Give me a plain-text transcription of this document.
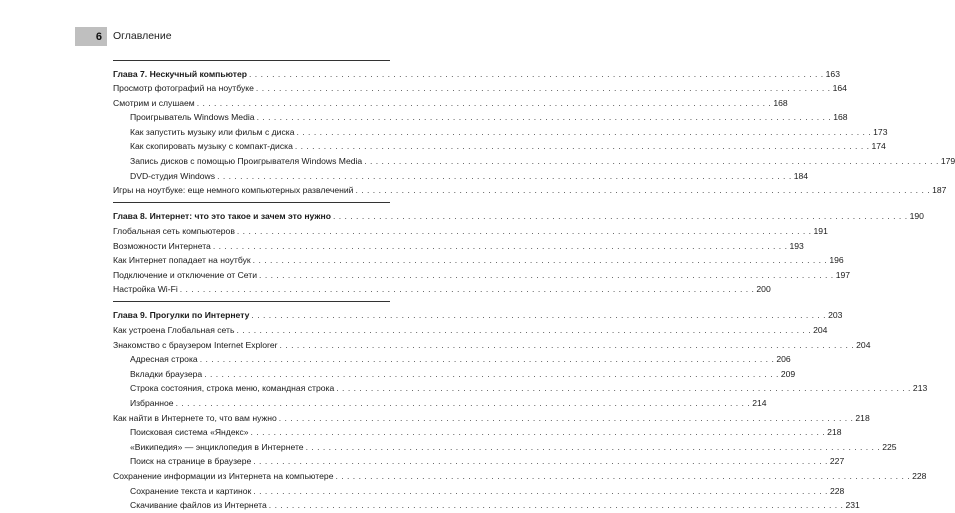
6 Оглавление
Глава 7. Нескучный компьютер . . .	163
Просмотр фотографий на ноутбуке . . .	164
Смотрим и слушаем . . .	168
Проигрыватель Windows Media . . .	168
Как запустить музыку или фильм с диска . . .	173
Как скопировать музыку с компакт-диска . . .	174
Запись дисков с помощью Проигрывателя Windows Media . . .	179
DVD-студия Windows . . .	184
Игры на ноутбуке: еще немного компьютерных развлечений . . .	187
Глава 8. Интернет: что это такое и зачем это нужно . . .	190
Глобальная сеть компьютеров . . .	191
Возможности Интернета . . .	193
Как Интернет попадает на ноутбук . . .	196
Подключение и отключение от Сети . . .	197
Настройка Wi-Fi . . .	200
Глава 9. Прогулки по Интернету . . .	203
Как устроена Глобальная сеть . . .	204
Знакомство с браузером Internet Explorer . . .	204
Адресная строка . . .	206
Вкладки браузера . . .	209
Строка состояния, строка меню, командная строка . . .	213
Избранное . . .	214
Как найти в Интернете то, что вам нужно . . .	218
Поисковая система «Яндекс» . . .	218
«Википедия» — энциклопедия в Интернете . . .	225
Поиск на странице в браузере . . .	227
Сохранение информации из Интернета на компьютере . . .	228
Сохранение текста и картинок . . .	228
Скачивание файлов из Интернета . . .	231
